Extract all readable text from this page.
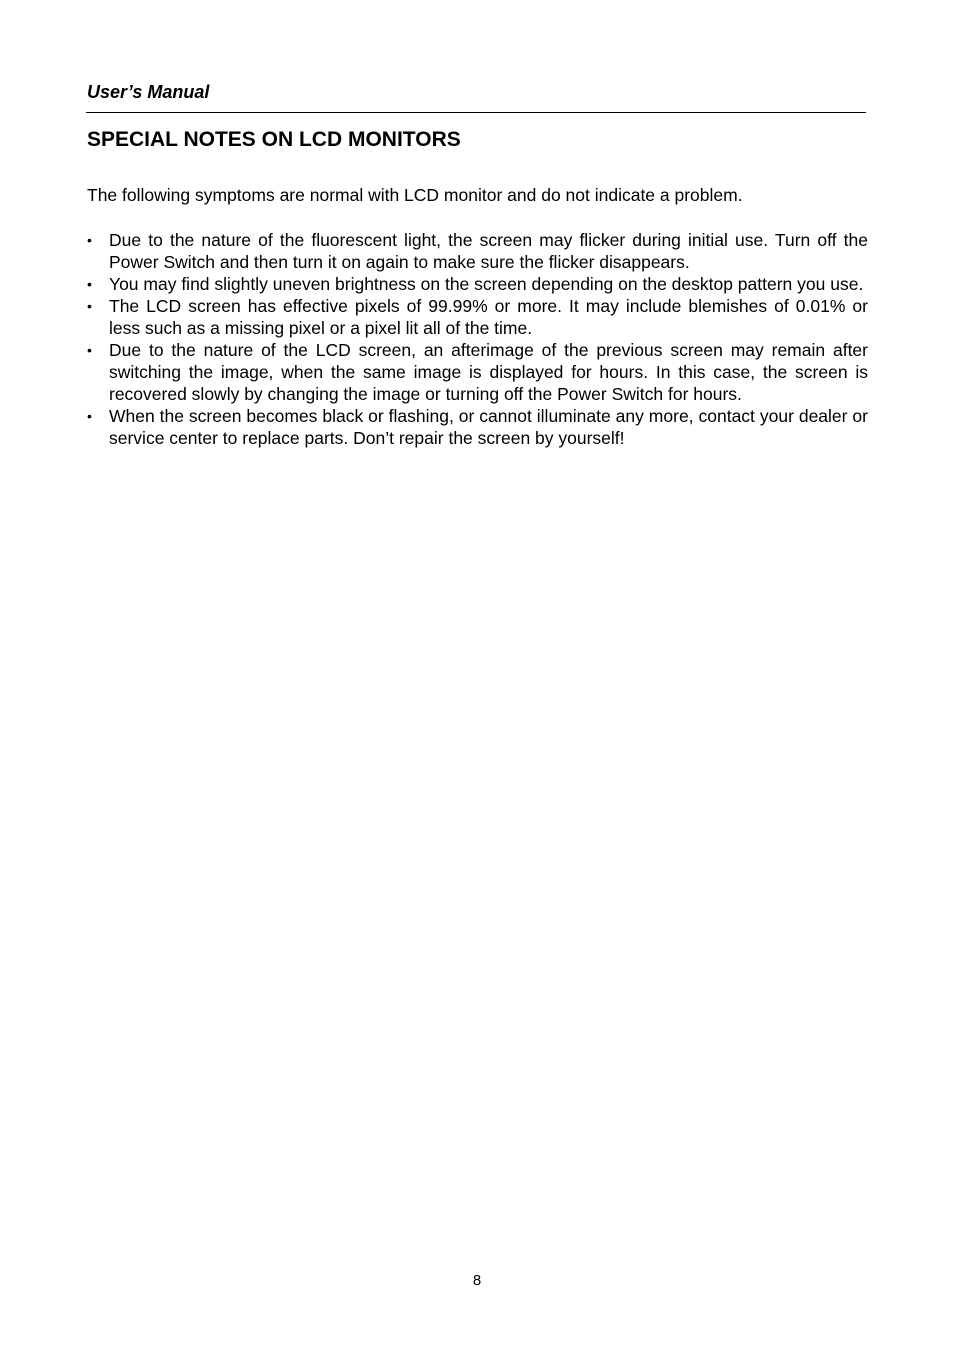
User’s Manual
SPECIAL NOTES ON LCD MONITORS

The following symptoms are normal with LCD monitor and do not indicate a problem.

• Due to the nature of the fluorescent light, the screen may flicker during initial use. Turn off the Power Switch and then turn it on again to make sure the flicker disappears.
• You may find slightly uneven brightness on the screen depending on the desktop pattern you use.
• The LCD screen has effective pixels of 99.99% or more. It may include blemishes of 0.01% or less such as a missing pixel or a pixel lit all of the time.
• Due to the nature of the LCD screen, an afterimage of the previous screen may remain after switching the image, when the same image is displayed for hours. In this case, the screen is recovered slowly by changing the image or turning off the Power Switch for hours.
• When the screen becomes black or flashing, or cannot illuminate any more, contact your dealer or service center to replace parts. Don’t repair the screen by yourself!
8
